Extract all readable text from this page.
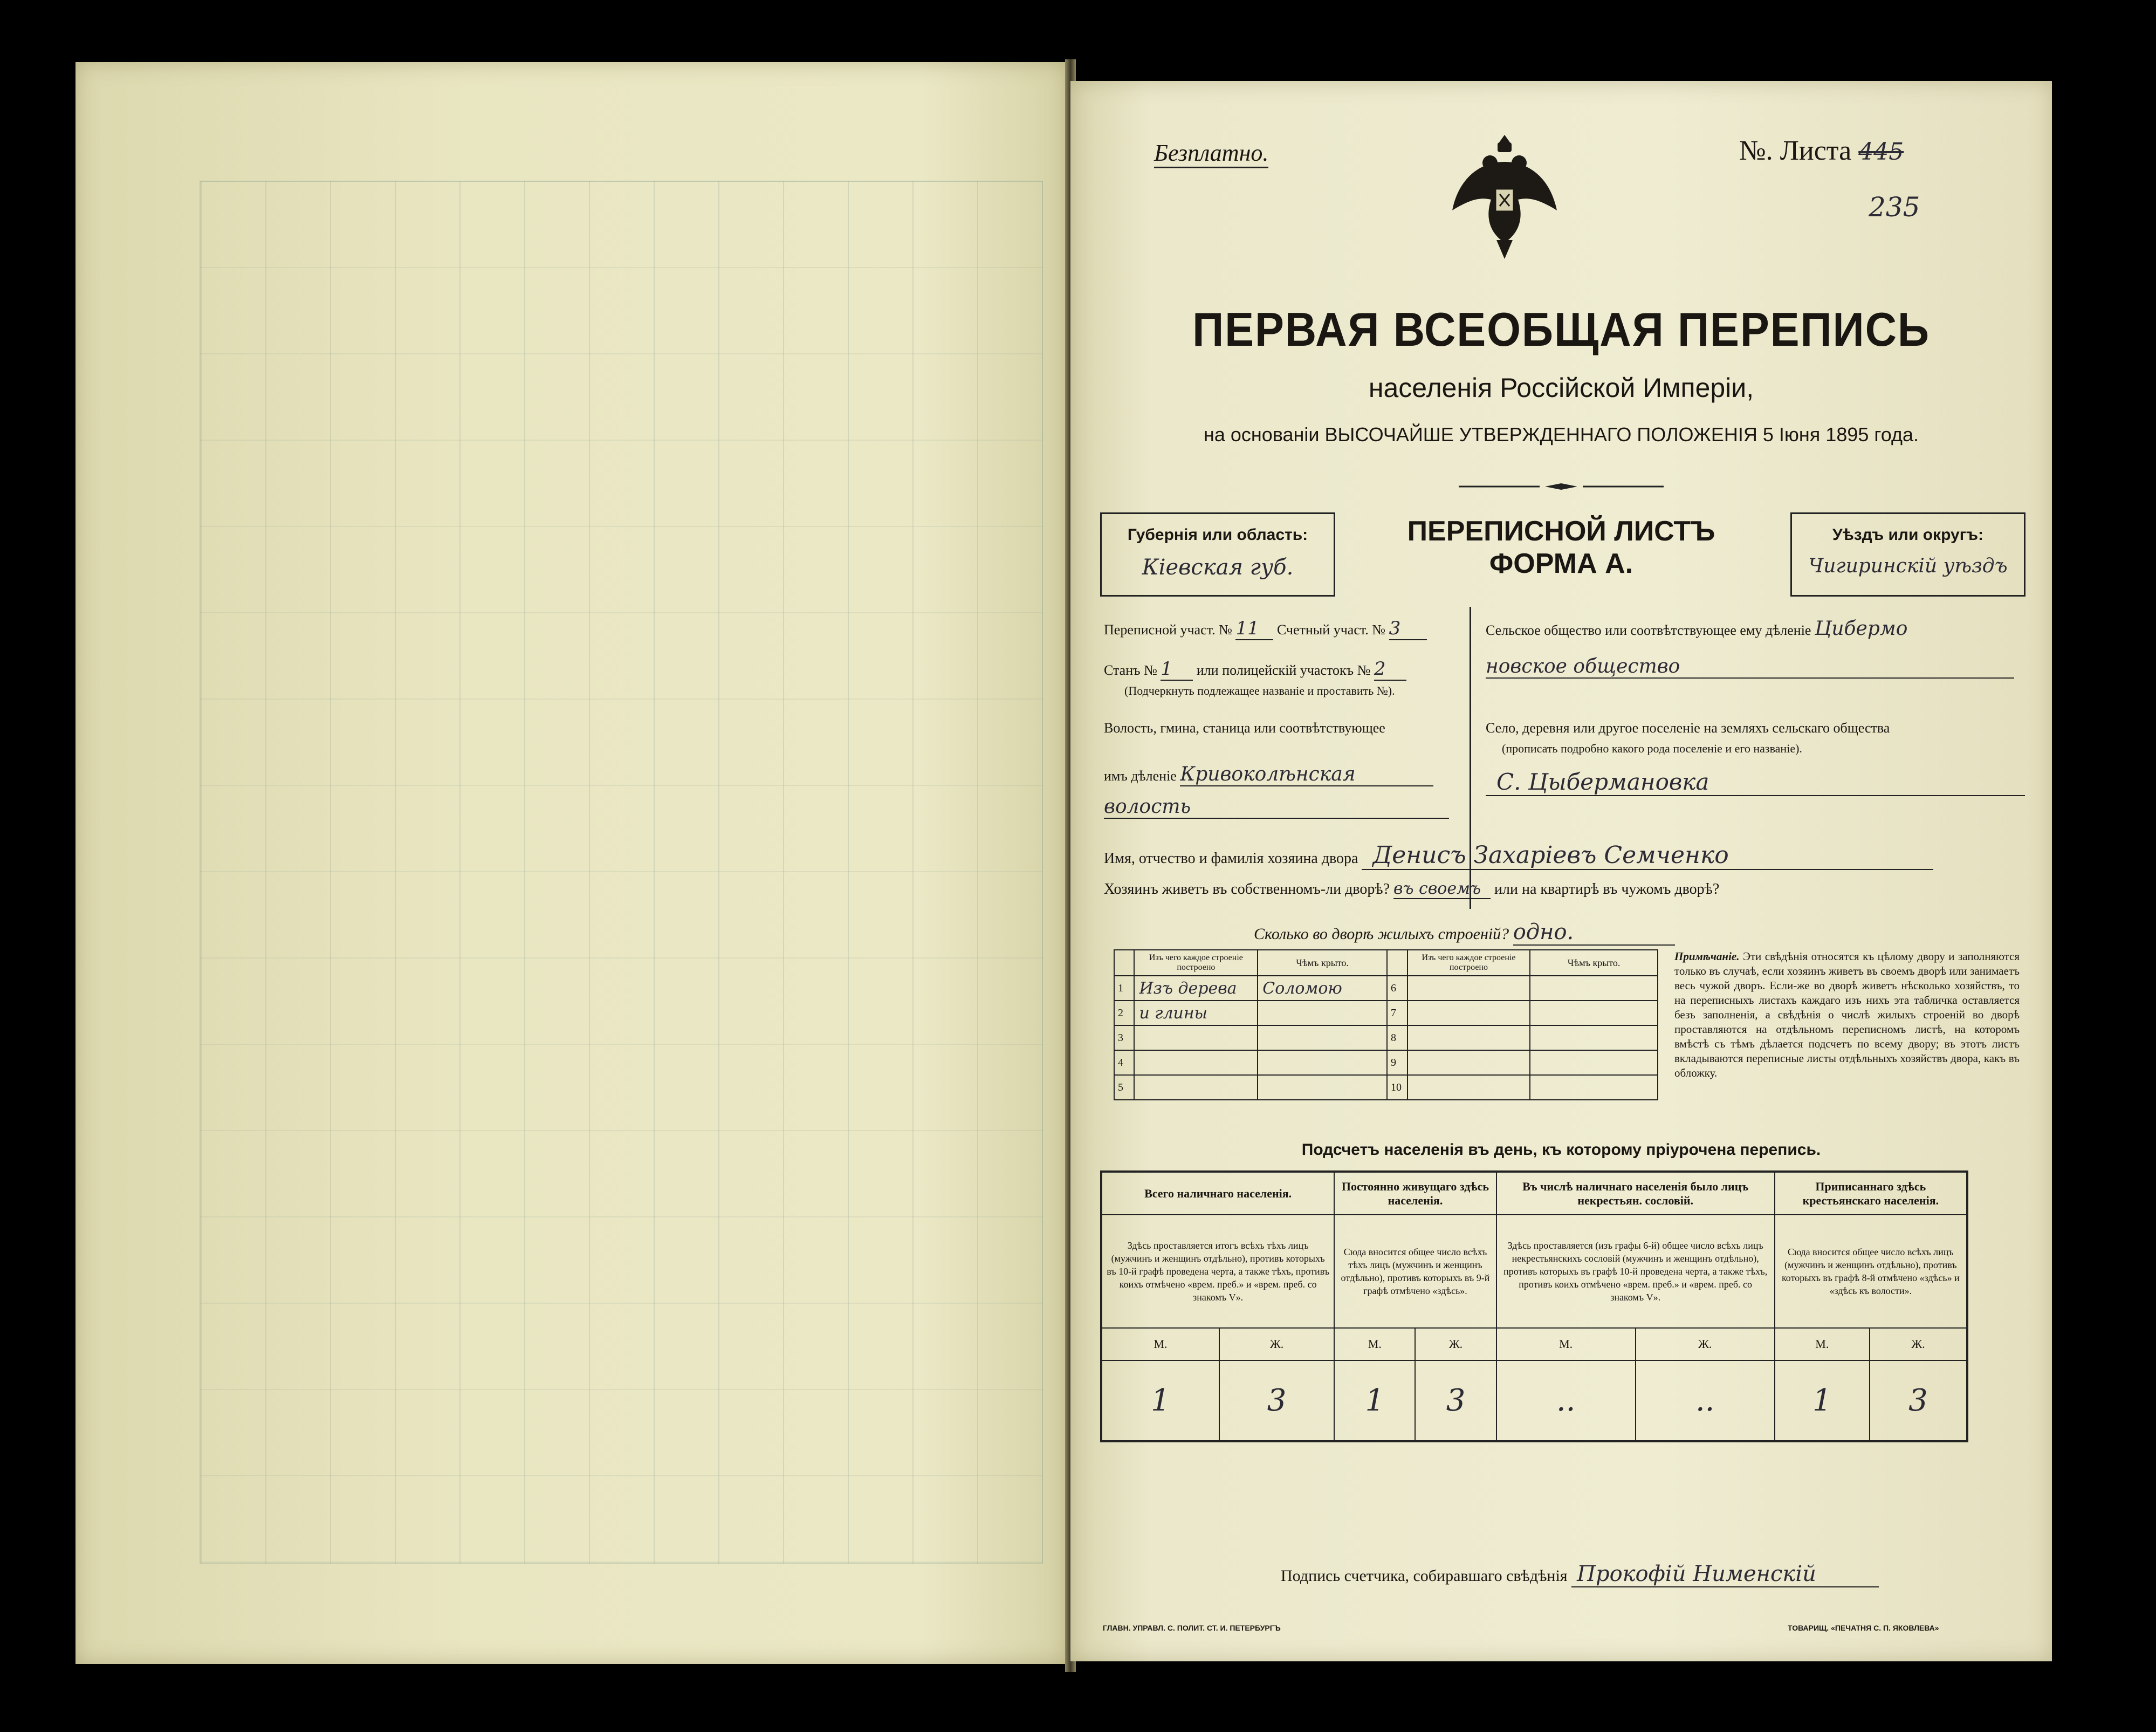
Безплатно.	№. Листа 445
235
ПЕРВАЯ ВСЕОБЩАЯ ПЕРЕПИСЬ
населенія Россійской Имперіи,
на основаніи ВЫСОЧАЙШЕ УТВЕРЖДЕННАГО ПОЛОЖЕНІЯ 5 Іюня 1895 года.
Губернія или область:
Кіевская губ.
ПЕРЕПИСНОЙ ЛИСТЪ
ФОРМА А.
Уѣздъ или округъ:
Чигиринскій уѣздъ
Переписной участ. № 11 Счетный участ. № 3
Станъ № 1 или полицейскій участокъ № 2
(Подчеркнуть подлежащее названіе и проставить №).
Волость, гмина, станица или соотвѣтствующее
имъ дѣленіе Кривоколѣнская
волость
Сельское общество или соотвѣтствующее ему дѣленіе Цибермо
новское общество
Село, деревня или другое поселеніе на земляхъ сельскаго общества
(прописать подробно какого рода поселеніе и его названіе).
С. Цыбермановка
Имя, отчество и фамилія хозяина двора Денисъ Захарiевъ Семченко
Хозяинъ живетъ въ собственномъ-ли дворѣ? въ своемъ или на квартирѣ въ чужомъ дворѣ?
Сколько во дворѣ жилыхъ строеній? одно.
	Изъ чего каждое строеніе построено	Чѣмъ крыто.		Изъ чего каждое строеніе построено	Чѣмъ крыто.
1	Изъ дерева	Соломою	6		
2	и глины		7		
3			8		
4			9		
5			10		
Примѣчаніе. Эти свѣдѣнія относятся къ цѣлому двору и заполняются только въ случаѣ, если хозяинъ живетъ въ своемъ дворѣ или занимаетъ весь чужой дворъ. Если-же во дворѣ живетъ нѣсколько хозяйствъ, то на переписныхъ листахъ каждаго изъ нихъ эта табличка оставляется безъ заполненія, а свѣдѣнія о числѣ жилыхъ строеній во дворѣ проставляются на отдѣльномъ переписномъ листѣ, на которомъ вмѣстѣ съ тѣмъ дѣлается подсчетъ по всему двору; въ этотъ листъ вкладываются переписные листы отдѣльныхъ хозяйствъ двора, какъ въ обложку.
Подсчетъ населенія въ день, къ которому пріурочена перепись.
Всего наличнаго населенія.		Постоянно живущаго здѣсь населенія.		Въ числѣ наличнаго населенія было лицъ некрестьян. сословій.		Приписаннаго здѣсь крестьянскаго населенія.	
Здѣсь проставляется итогъ всѣхъ тѣхъ лицъ (мужчинъ и женщинъ отдѣльно), противъ которыхъ въ 10-й графѣ проведена черта, а также тѣхъ, противъ коихъ отмѣчено «врем. преб.» и «врем. преб. со знакомъ V».		Сюда вносится общее число всѣхъ тѣхъ лицъ (мужчинъ и женщинъ отдѣльно), противъ которыхъ въ 9-й графѣ отмѣчено «здѣсь».		Здѣсь проставляется (изъ графы 6-й) общее число всѣхъ лицъ некрестьянскихъ сословій (мужчинъ и женщинъ отдѣльно), противъ которыхъ въ графѣ 10-й проведена черта, а также тѣхъ, противъ коихъ отмѣчено «врем. преб.» и «врем. преб. со знакомъ V».		Сюда вносится общее число всѣхъ лицъ (мужчинъ и женщинъ отдѣльно), противъ которыхъ въ графѣ 8-й отмѣчено «здѣсь» и «здѣсь къ волости».	
М.	Ж.	М.	Ж.	М.	Ж.	М.	Ж.
1	3	1	3	..	..	1	3
Подпись счетчика, собиравшаго свѣдѣнія Прокофій Нименскій
ГЛАВН. УПРАВЛ. С. ПОЛИТ. СТ. И. ПЕТЕРБУРГЪ	ТОВАРИЩ. «ПЕЧАТНЯ С. П. ЯКОВЛЕВА»
